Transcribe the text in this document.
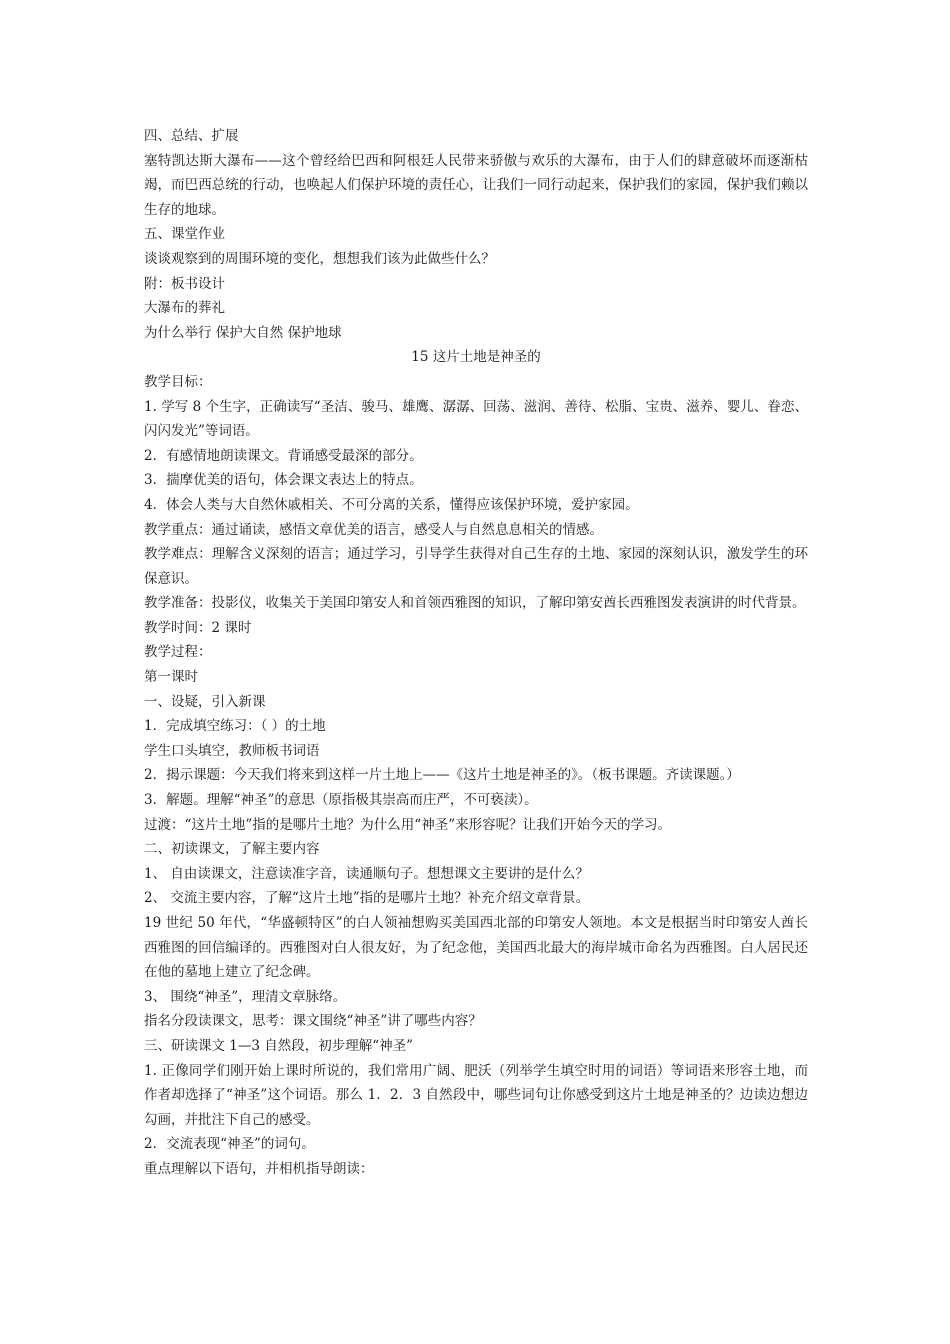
四、总结、扩展

塞特凯达斯大瀑布——这个曾经给巴西和阿根廷人民带来骄傲与欢乐的大瀑布，由于人们的肆意破坏而逐渐枯竭，而巴西总统的行动，也唤起人们保护环境的责任心，让我们一同行动起来，保护我们的家园，保护我们赖以生存的地球。

五、课堂作业

谈谈观察到的周围环境的变化，想想我们该为此做些什么？

附：板书设计

大瀑布的葬礼

为什么举行 保护大自然 保护地球

15 这片土地是神圣的

教学目标：

1. 学写 8 个生字，正确读写“圣洁、骏马、雄鹰、潺潺、回荡、滋润、善待、松脂、宝贵、滋养、婴儿、眷恋、闪闪发光”等词语。

2．有感情地朗读课文。背诵感受最深的部分。

3．揣摩优美的语句，体会课文表达上的特点。

4．体会人类与大自然休戚相关、不可分离的关系，懂得应该保护环境，爱护家园。

教学重点：通过诵读，感悟文章优美的语言，感受人与自然息息相关的情感。

教学难点：理解含义深刻的语言；通过学习，引导学生获得对自己生存的土地、家园的深刻认识，激发学生的环保意识。

教学准备：投影仪，收集关于美国印第安人和首领西雅图的知识，了解印第安酋长西雅图发表演讲的时代背景。

教学时间：2 课时

教学过程：

第一课时

一、设疑，引入新课

1．完成填空练习：（ ）的土地

学生口头填空，教师板书词语

2．揭示课题：今天我们将来到这样一片土地上——《这片土地是神圣的》。（板书课题。齐读课题。）

3．解题。理解“神圣”的意思（原指极其崇高而庄严，不可亵渎）。

过渡：“这片土地”指的是哪片土地？为什么用“神圣”来形容呢？让我们开始今天的学习。

二、初读课文，了解主要内容

1、 自由读课文，注意读准字音，读通顺句子。想想课文主要讲的是什么？

2、 交流主要内容，了解“这片土地”指的是哪片土地？补充介绍文章背景。

19 世纪 50 年代，“华盛顿特区”的白人领袖想购买美国西北部的印第安人领地。本文是根据当时印第安人酋长西雅图的回信编译的。西雅图对白人很友好，为了纪念他，美国西北最大的海岸城市命名为西雅图。白人居民还在他的墓地上建立了纪念碑。

3、 围绕“神圣”，理清文章脉络。

指名分段读课文，思考：课文围绕“神圣”讲了哪些内容？

三、研读课文 1—3 自然段，初步理解“神圣”

1. 正像同学们刚开始上课时所说的，我们常用广阔、肥沃（列举学生填空时用的词语）等词语来形容土地，而作者却选择了“神圣”这个词语。那么 1．2．3 自然段中，哪些词句让你感受到这片土地是神圣的？边读边想边勾画，并批注下自己的感受。

2．交流表现“神圣”的词句。

重点理解以下语句，并相机指导朗读：
